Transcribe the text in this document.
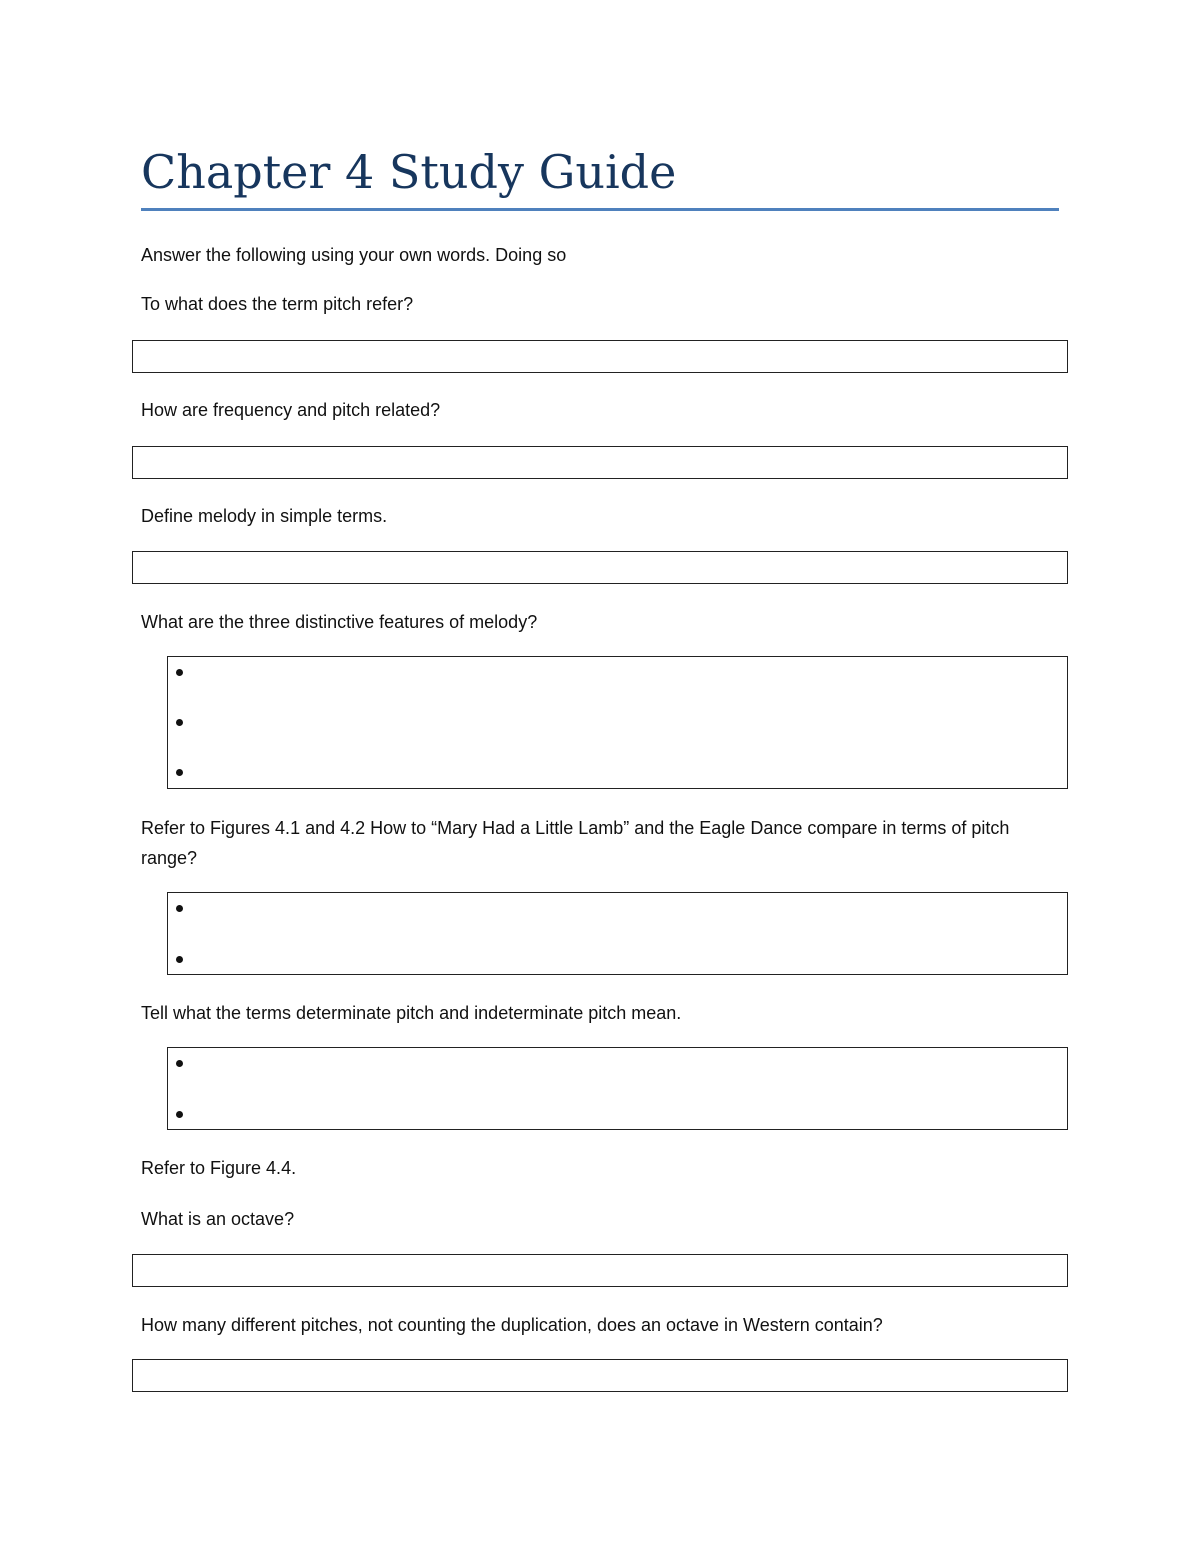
Chapter 4 Study Guide
Answer the following using your own words. Doing so
To what does the term pitch refer?
How are frequency and pitch related?
Define melody in simple terms.
What are the three distinctive features of melody?
Refer to Figures 4.1 and 4.2 How to “Mary Had a Little Lamb” and the Eagle Dance compare in terms of pitch range?
Tell what the terms determinate pitch and indeterminate pitch mean.
Refer to Figure 4.4.
What is an octave?
How many different pitches, not counting the duplication, does an octave in Western contain?
